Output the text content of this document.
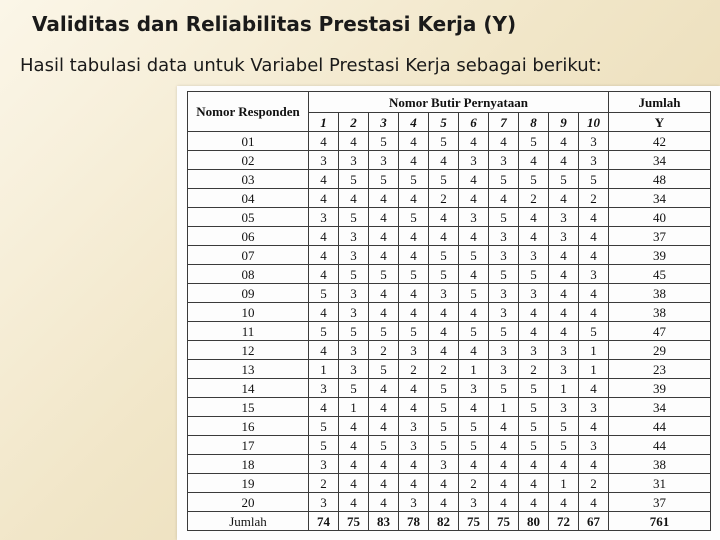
Validitas dan Reliabilitas Prestasi Kerja (Y)
Hasil tabulasi data untuk Variabel Prestasi Kerja sebagai berikut:
Nomor Responden	Nomor Butir Pernyataan										Jumlah
	1	2	3	4	5	6	7	8	9	10	Y
01	4	4	5	4	5	4	4	5	4	3	42
02	3	3	3	4	4	3	3	4	4	3	34
03	4	5	5	5	5	4	5	5	5	5	48
04	4	4	4	4	2	4	4	2	4	2	34
05	3	5	4	5	4	3	5	4	3	4	40
06	4	3	4	4	4	4	3	4	3	4	37
07	4	3	4	4	5	5	3	3	4	4	39
08	4	5	5	5	5	4	5	5	4	3	45
09	5	3	4	4	3	5	3	3	4	4	38
10	4	3	4	4	4	4	3	4	4	4	38
11	5	5	5	5	4	5	5	4	4	5	47
12	4	3	2	3	4	4	3	3	3	1	29
13	1	3	5	2	2	1	3	2	3	1	23
14	3	5	4	4	5	3	5	5	1	4	39
15	4	1	4	4	5	4	1	5	3	3	34
16	5	4	4	3	5	5	4	5	5	4	44
17	5	4	5	3	5	5	4	5	5	3	44
18	3	4	4	4	3	4	4	4	4	4	38
19	2	4	4	4	4	2	4	4	1	2	31
20	3	4	4	3	4	3	4	4	4	4	37
Jumlah	74	75	83	78	82	75	75	80	72	67	761
